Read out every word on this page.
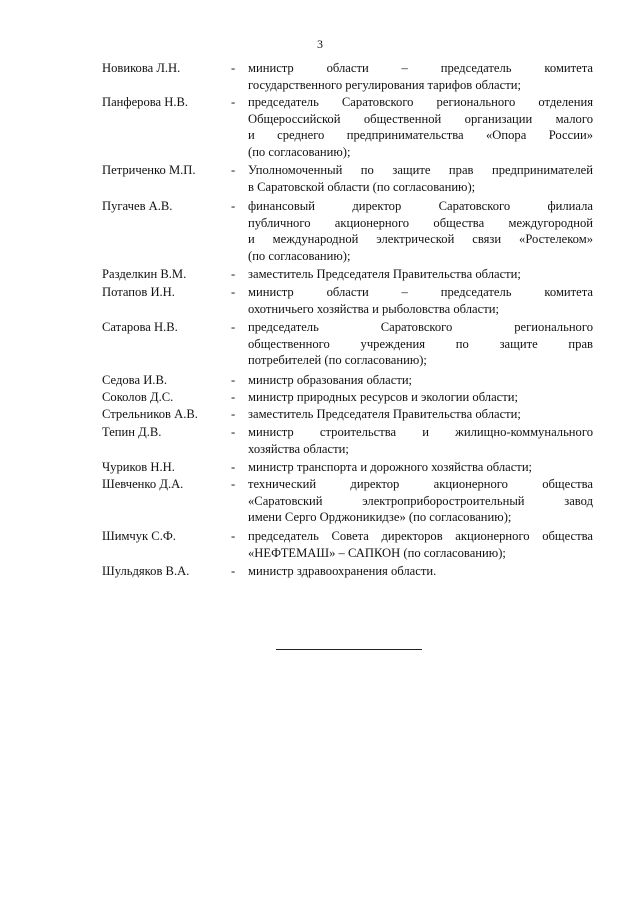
3
Новикова Л.Н.	- министр области – председатель комитета
государственного регулирования тарифов области;
Панферова Н.В.	- председатель Саратовского регионального отделения
Общероссийской общественной организации малого
и среднего предпринимательства «Опора России»
(по согласованию);
Петриченко М.П.	- Уполномоченный по защите прав предпринимателей
в Саратовской области (по согласованию);
Пугачев А.В.	- финансовый директор Саратовского филиала
публичного акционерного общества междугородной
и международной электрической связи «Ростелеком»
(по согласованию);
Разделкин В.М.	- заместитель Председателя Правительства области;
Потапов И.Н.	- министр области – председатель комитета
охотничьего хозяйства и рыболовства области;
Сатарова Н.В.	- председатель Саратовского регионального
общественного учреждения по защите прав
потребителей (по согласованию);
Седова И.В.	- министр образования области;
Соколов Д.С.	- министр природных ресурсов и экологии области;
Стрельников А.В.	- заместитель Председателя Правительства области;
Тепин Д.В.	- министр строительства и жилищно-коммунального
хозяйства области;
Чуриков Н.Н.	- министр транспорта и дорожного хозяйства области;
Шевченко Д.А.	- технический директор акционерного общества
«Саратовский электроприборостроительный завод
имени Серго Орджоникидзе» (по согласованию);
Шимчук С.Ф.	- председатель Совета директоров акционерного общества
«НЕФТЕМАШ» – САПКОН (по согласованию);
Шульдяков В.А.	- министр здравоохранения области.
